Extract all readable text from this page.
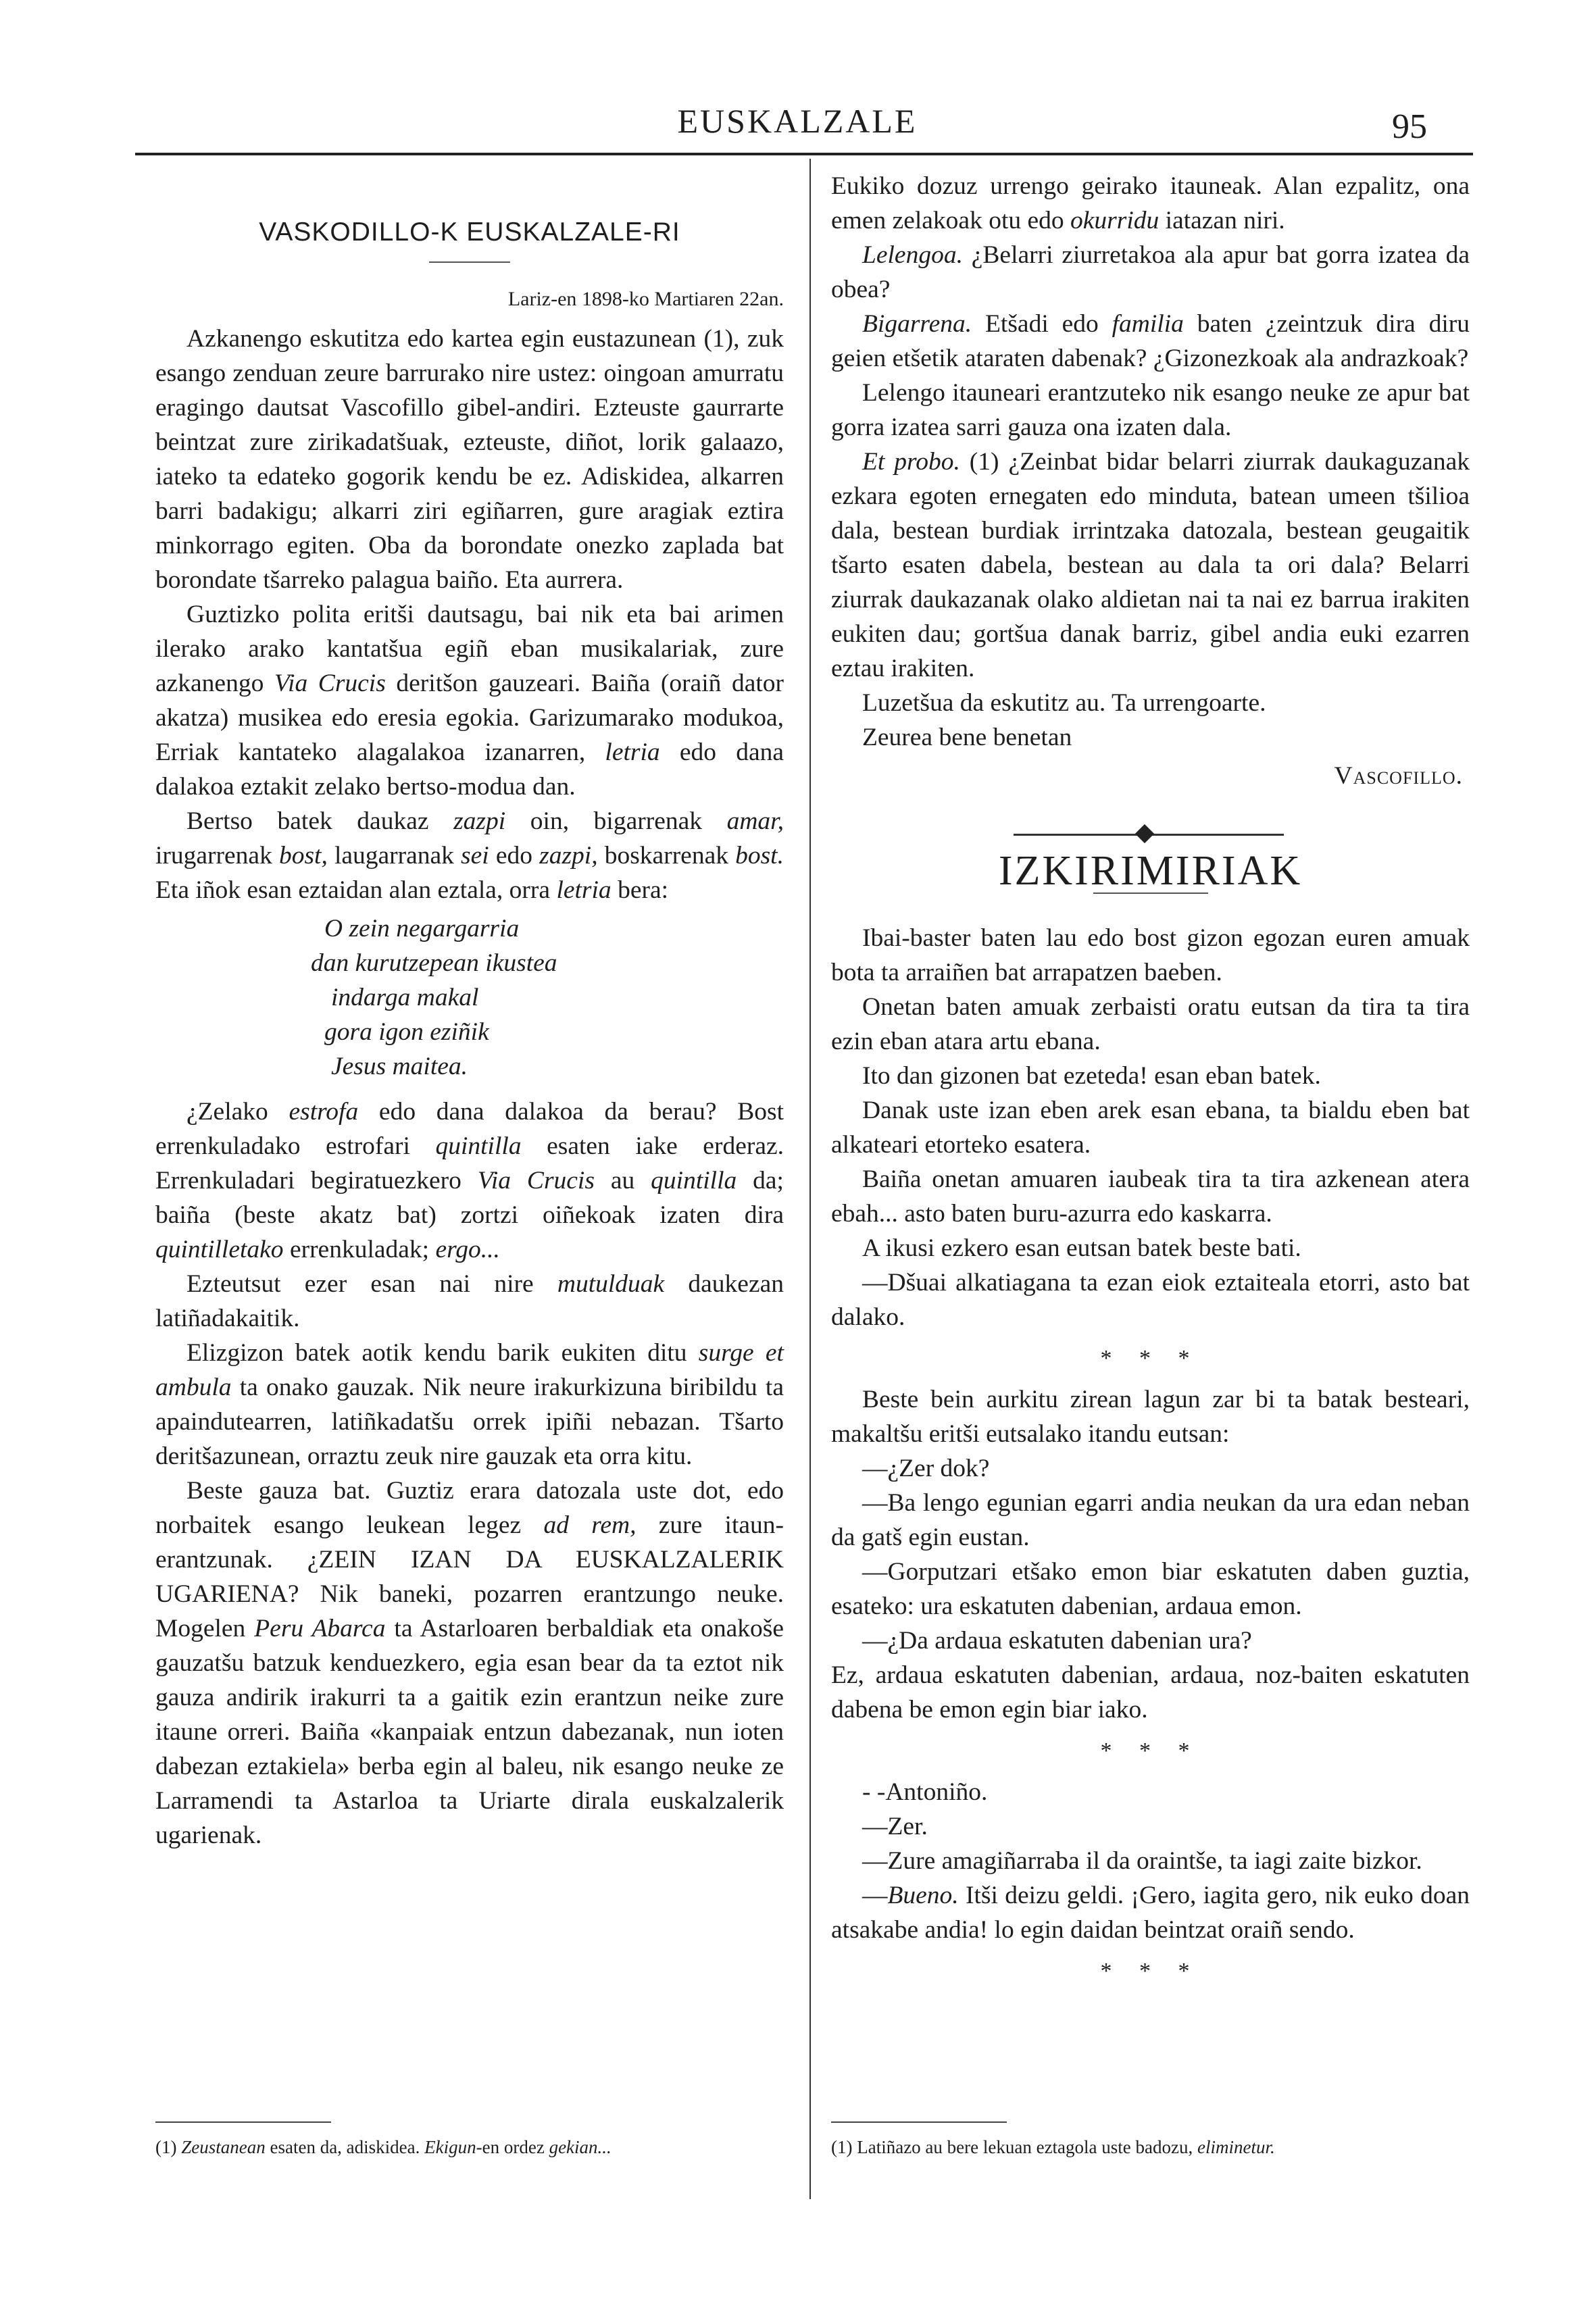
EUSKALZALE	95
VASKODILLO-K EUSKALZALE-RI
Lariz-en 1898-ko Martiaren 22an.

Azkanengo eskutitza edo kartea egin eustazunean (1), zuk esango zenduan zeure barrurako nire ustez: oingoan amurratu eragingo dautsat Vascofillo gibel-andiri. Ezteuste gaurrarte beintzat zure zirikadatšuak, ezteuste, diñot, lorik galaazo, iateko ta edateko gogorik kendu be ez. Adiskidea, alkarren barri badakigu; alkarri ziri egiñarren, gure aragiak eztira minkorrago egiten. Oba da borondate onezko zaplada bat borondate tšarreko palagua baiño. Eta aurrera.

Guztizko polita eritši dautsagu, bai nik eta bai arimen ilerako arako kantatšua egiñ eban musikalariak, zure azkanengo Via Crucis deritšon gauzeari. Baiña (oraiñ dator akatza) musikea edo eresia egokia. Garizumarako modukoa, Erriak kantateko alagalakoa izanarren, letria edo dana dalakoa eztakit zelako bertso-modua dan.

Bertso batek daukaz zazpi oin, bigarrenak amar, irugarrenak bost, laugarranak sei edo zazpi, boskarrenak bost. Eta iñok esan eztaidan alan eztala, orra letria bera:

O zein negargarria
dan kurutzepean ikustea
indarga makal
gora igon eziñik
Jesus maitea.

¿Zelako estrofa edo dana dalakoa da berau? Bost errenkuladako estrofari quintilla esaten iake erderaz. Errenkuladari begiratuezkero Via Crucis au quintilla da; baiña (beste akatz bat) zortzi oiñekoak izaten dira quintilletako errenkuladak; ergo...

Ezteutsut ezer esan nai nire mutulduak daukezan latiñadakaitik.

Elizgizon batek aotik kendu barik eukiten ditu surge et ambula ta onako gauzak. Nik neure irakurkizuna biribildu ta apaindutearren, latiñkadatšu orrek ipiñi nebazan. Tšarto deritšazunean, orraztu zeuk nire gauzak eta orra kitu.

Beste gauza bat. Guztiz erara datozala uste dot, edo norbaitek esango leukean legez ad rem, zure itaun-erantzunak. ¿ZEIN IZAN DA EUSKALZALERIK UGARIENA? Nik baneki, pozarren erantzungo neuke. Mogelen Peru Abarca ta Astarloaren berbaldiak eta onakoše gauzatšu batzuk kenduezkero, egia esan bear da ta eztot nik gauza andirik irakurri ta a gaitik ezin erantzun neike zure itaune orreri. Baiña «kanpaiak entzun dabezanak, nun ioten dabezan eztakiela» berba egin al baleu, nik esango neuke ze Larramendi ta Astarloa ta Uriarte dirala euskalzalerik ugarienak.

Eukiko dozuz urrengo geirako itauneak. Alan ezpalitz, ona emen zelakoak otu edo okurridu iatazan niri.

Lelengoa. ¿Belarri ziurretakoa ala apur bat gorra izatea da obea?

Bigarrena. Etšadi edo familia baten ¿zeintzuk dira diru geien etšetik ataraten dabenak? ¿Gizonezkoak ala andrazkoak?

Lelengo itauneari erantzuteko nik esango neuke ze apur bat gorra izatea sarri gauza ona izaten dala.

Et probo. (1) ¿Zeinbat bidar belarri ziurrak daukaguzanak ezkara egoten ernegaten edo minduta, batean umeen tšilioa dala, bestean burdiak irrintzaka datozala, bestean geugaitik tšarto esaten dabela, bestean au dala ta ori dala? Belarri ziurrak daukazanak olako aldietan nai ta nai ez barrua irakiten eukiten dau; gortšua danak barriz, gibel andia euki ezarren eztau irakiten.

Luzetšua da eskutitz au. Ta urrengoarte.

Zeurea bene benetan

Vascofillo.
IZKIRIMIRIAK

Ibai-baster baten lau edo bost gizon egozan euren amuak bota ta arraiñen bat arrapatzen baeben.

Onetan baten amuak zerbaisti oratu eutsan da tira ta tira ezin eban atara artu ebana.

Ito dan gizonen bat ezeteda! esan eban batek.

Danak uste izan eben arek esan ebana, ta bialdu eben bat alkateari etorteko esatera.

Baiña onetan amuaren iaubeak tira ta tira azkenean atera ebah... asto baten buru-azurra edo kaskarra.

A ikusi ezkero esan eutsan batek beste bati.

—Dšuai alkatiagana ta ezan eiok eztaiteala etorri, asto bat dalako.

* * *

Beste bein aurkitu zirean lagun zar bi ta batak besteari, makaltšu eritši eutsalako itandu eutsan:

—¿Zer dok?

—Ba lengo egunian egarri andia neukan da ura edan neban da gatš egin eustan.

—Gorputzari etšako emon biar eskatuten daben guztia, esateko: ura eskatuten dabenian, ardaua emon.

—¿Da ardaua eskatuten dabenian ura?

Ez, ardaua eskatuten dabenian, ardaua, noz-baiten eskatuten dabena be emon egin biar iako.

* * *

- -Antoniño.

—Zer.

—Zure amagiñarraba il da oraintše, ta iagi zaite bizkor.

—Bueno. Itši deizu geldi. ¡Gero, iagita gero, nik euko doan atsakabe andia! lo egin daidan beintzat oraiñ sendo.

* * *
(1) Zeustanean esaten da, adiskidea. Ekigun-en ordez gekian...	(1) Latiñazo au bere lekuan eztagola uste badozu, eliminetur.
